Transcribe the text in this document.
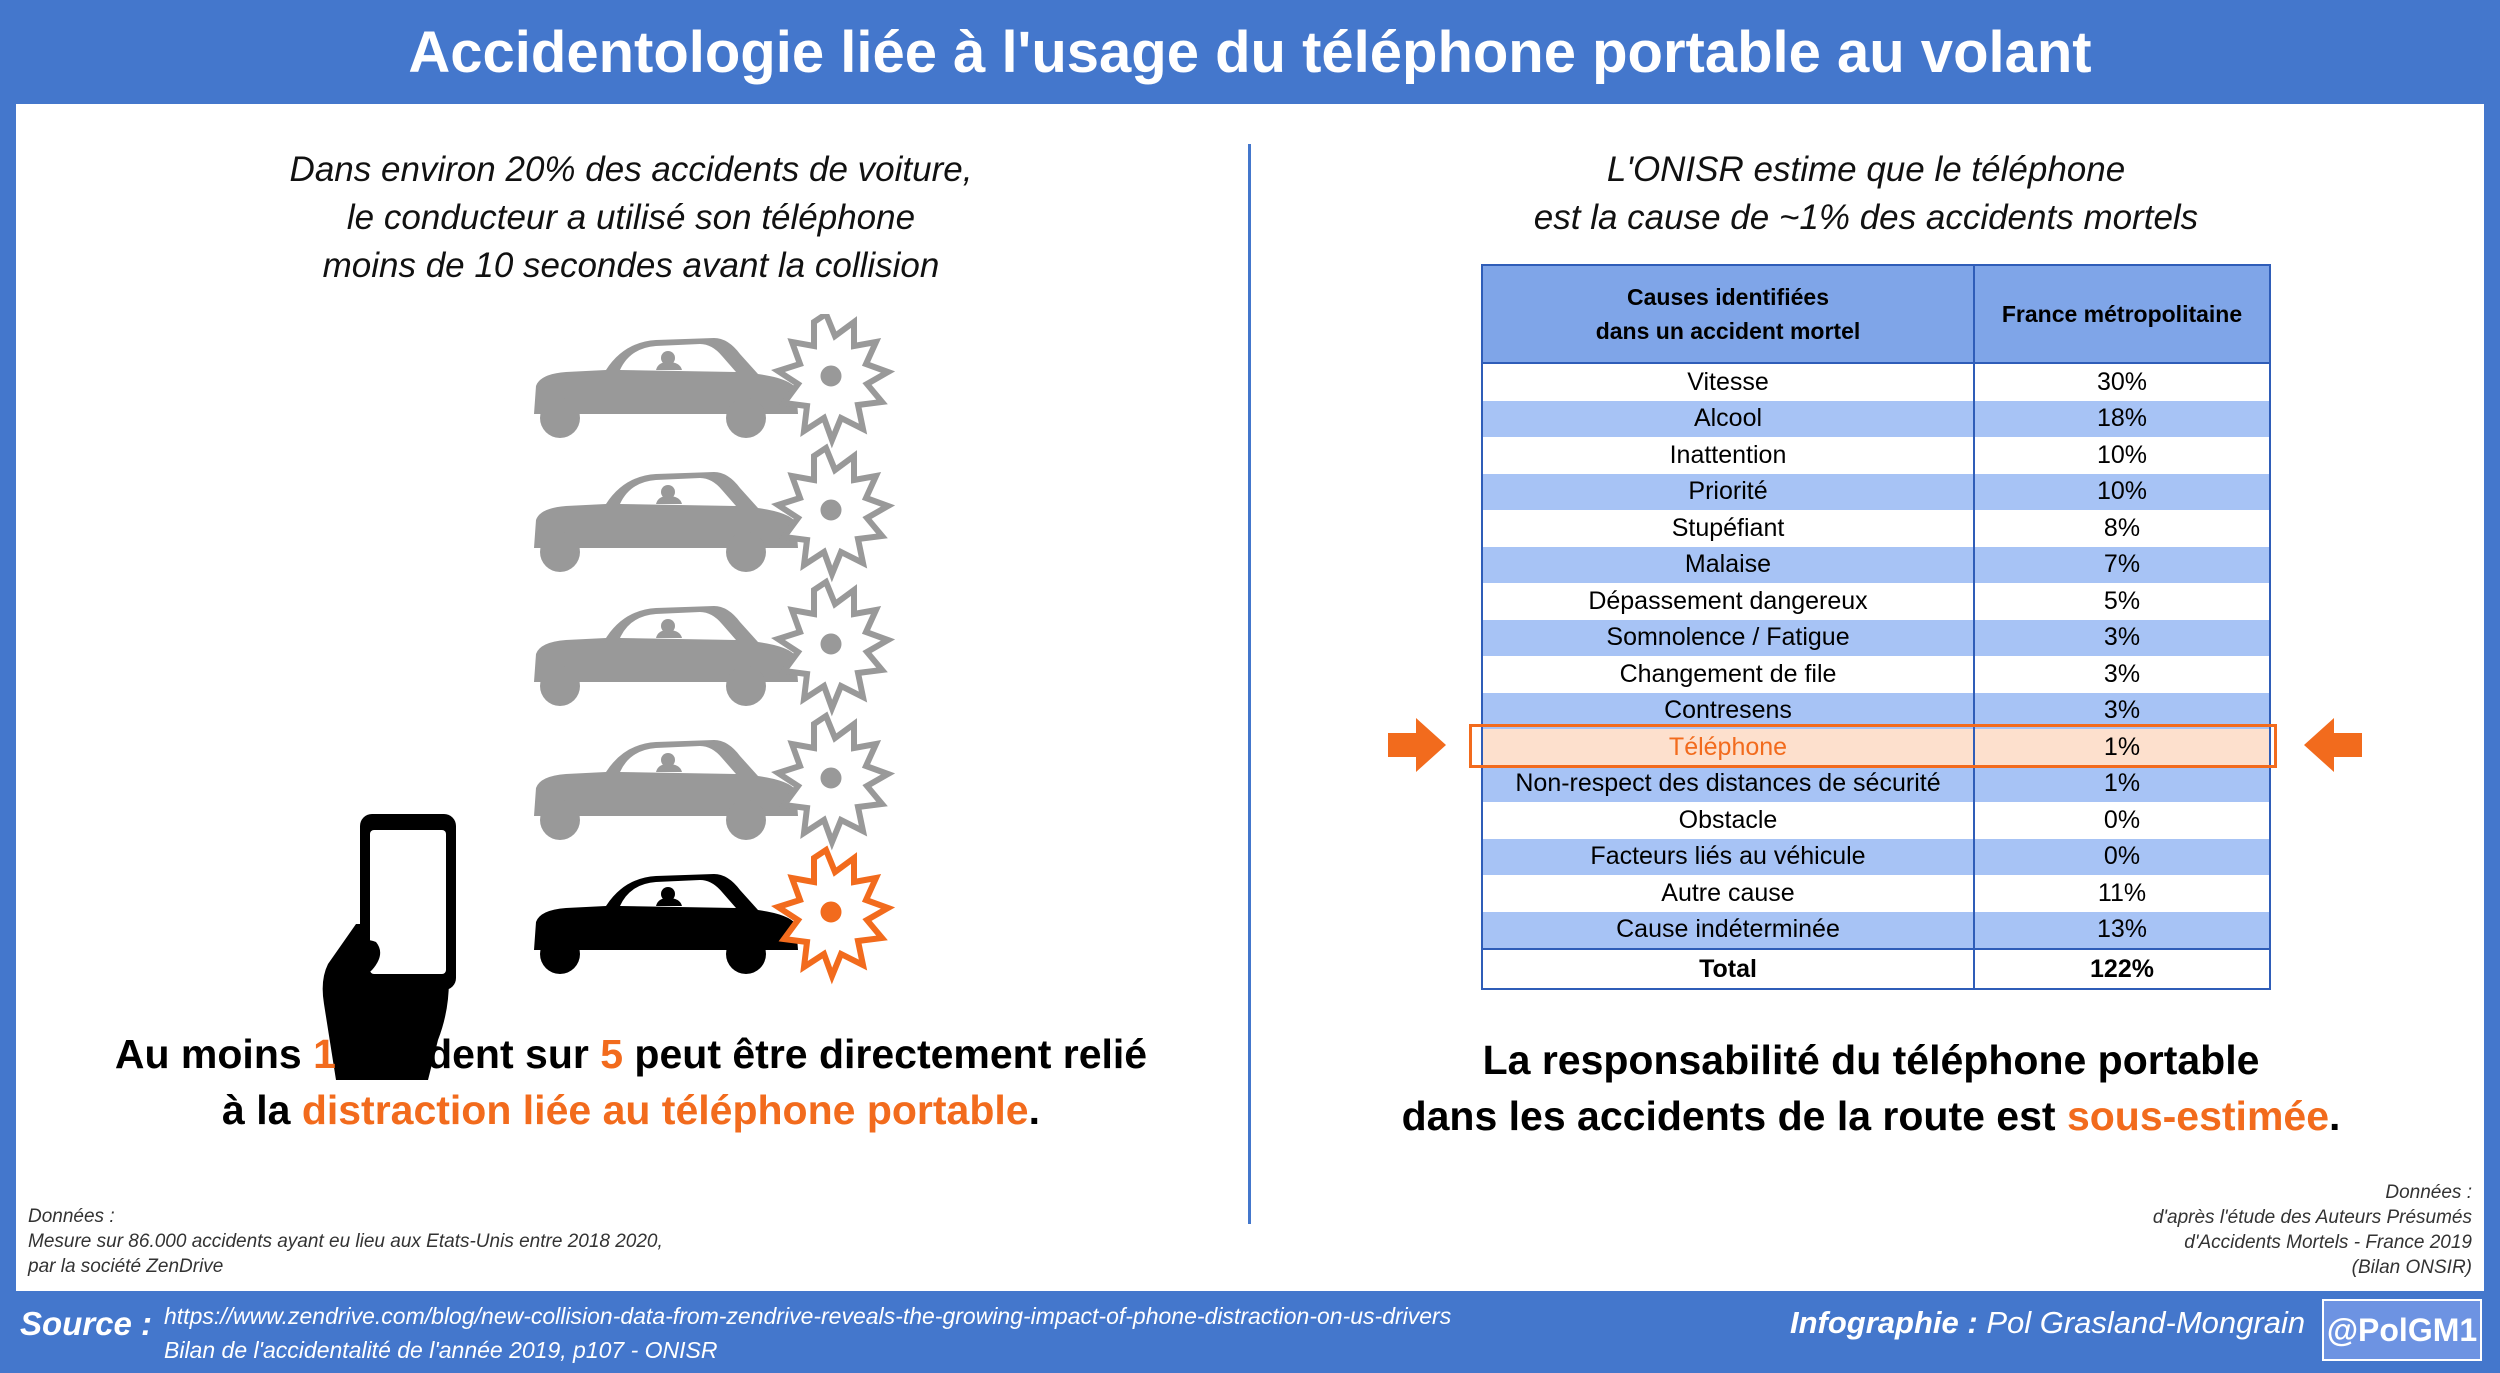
Accidentologie liée à l'usage du téléphone portable au volant
Dans environ 20% des accidents de voiture,
le conducteur a utilisé son téléphone
moins de 10 secondes avant la collision
Au moins 1 accident sur 5 peut être directement relié
à la distraction liée au téléphone portable.
Données :
Mesure sur 86.000 accidents ayant eu lieu aux Etats-Unis entre 2018 2020,
par la société ZenDrive
L'ONISR estime que le téléphone
est la cause de ~1% des accidents mortels
Causes identifiées
dans un accident mortel	France métropolitaine
Vitesse	30%
Alcool	18%
Inattention	10%
Priorité	10%
Stupéfiant	8%
Malaise	7%
Dépassement dangereux	5%
Somnolence / Fatigue	3%
Changement de file	3%
Contresens	3%
Téléphone	1%
Non-respect des distances de sécurité	1%
Obstacle	0%
Facteurs liés au véhicule	0%
Autre cause	11%
Cause indéterminée	13%
Total	122%
La responsabilité du téléphone portable
dans les accidents de la route est sous-estimée.
Données :
d'après l'étude des Auteurs Présumés
d'Accidents Mortels - France 2019
(Bilan ONSIR)
Source : https://www.zendrive.com/blog/new-collision-data-from-zendrive-reveals-the-growing-impact-of-phone-distraction-on-us-drivers
Bilan de l'accidentalité de l'année 2019, p107 - ONISR
Infographie : Pol Grasland-Mongrain @PolGM1
